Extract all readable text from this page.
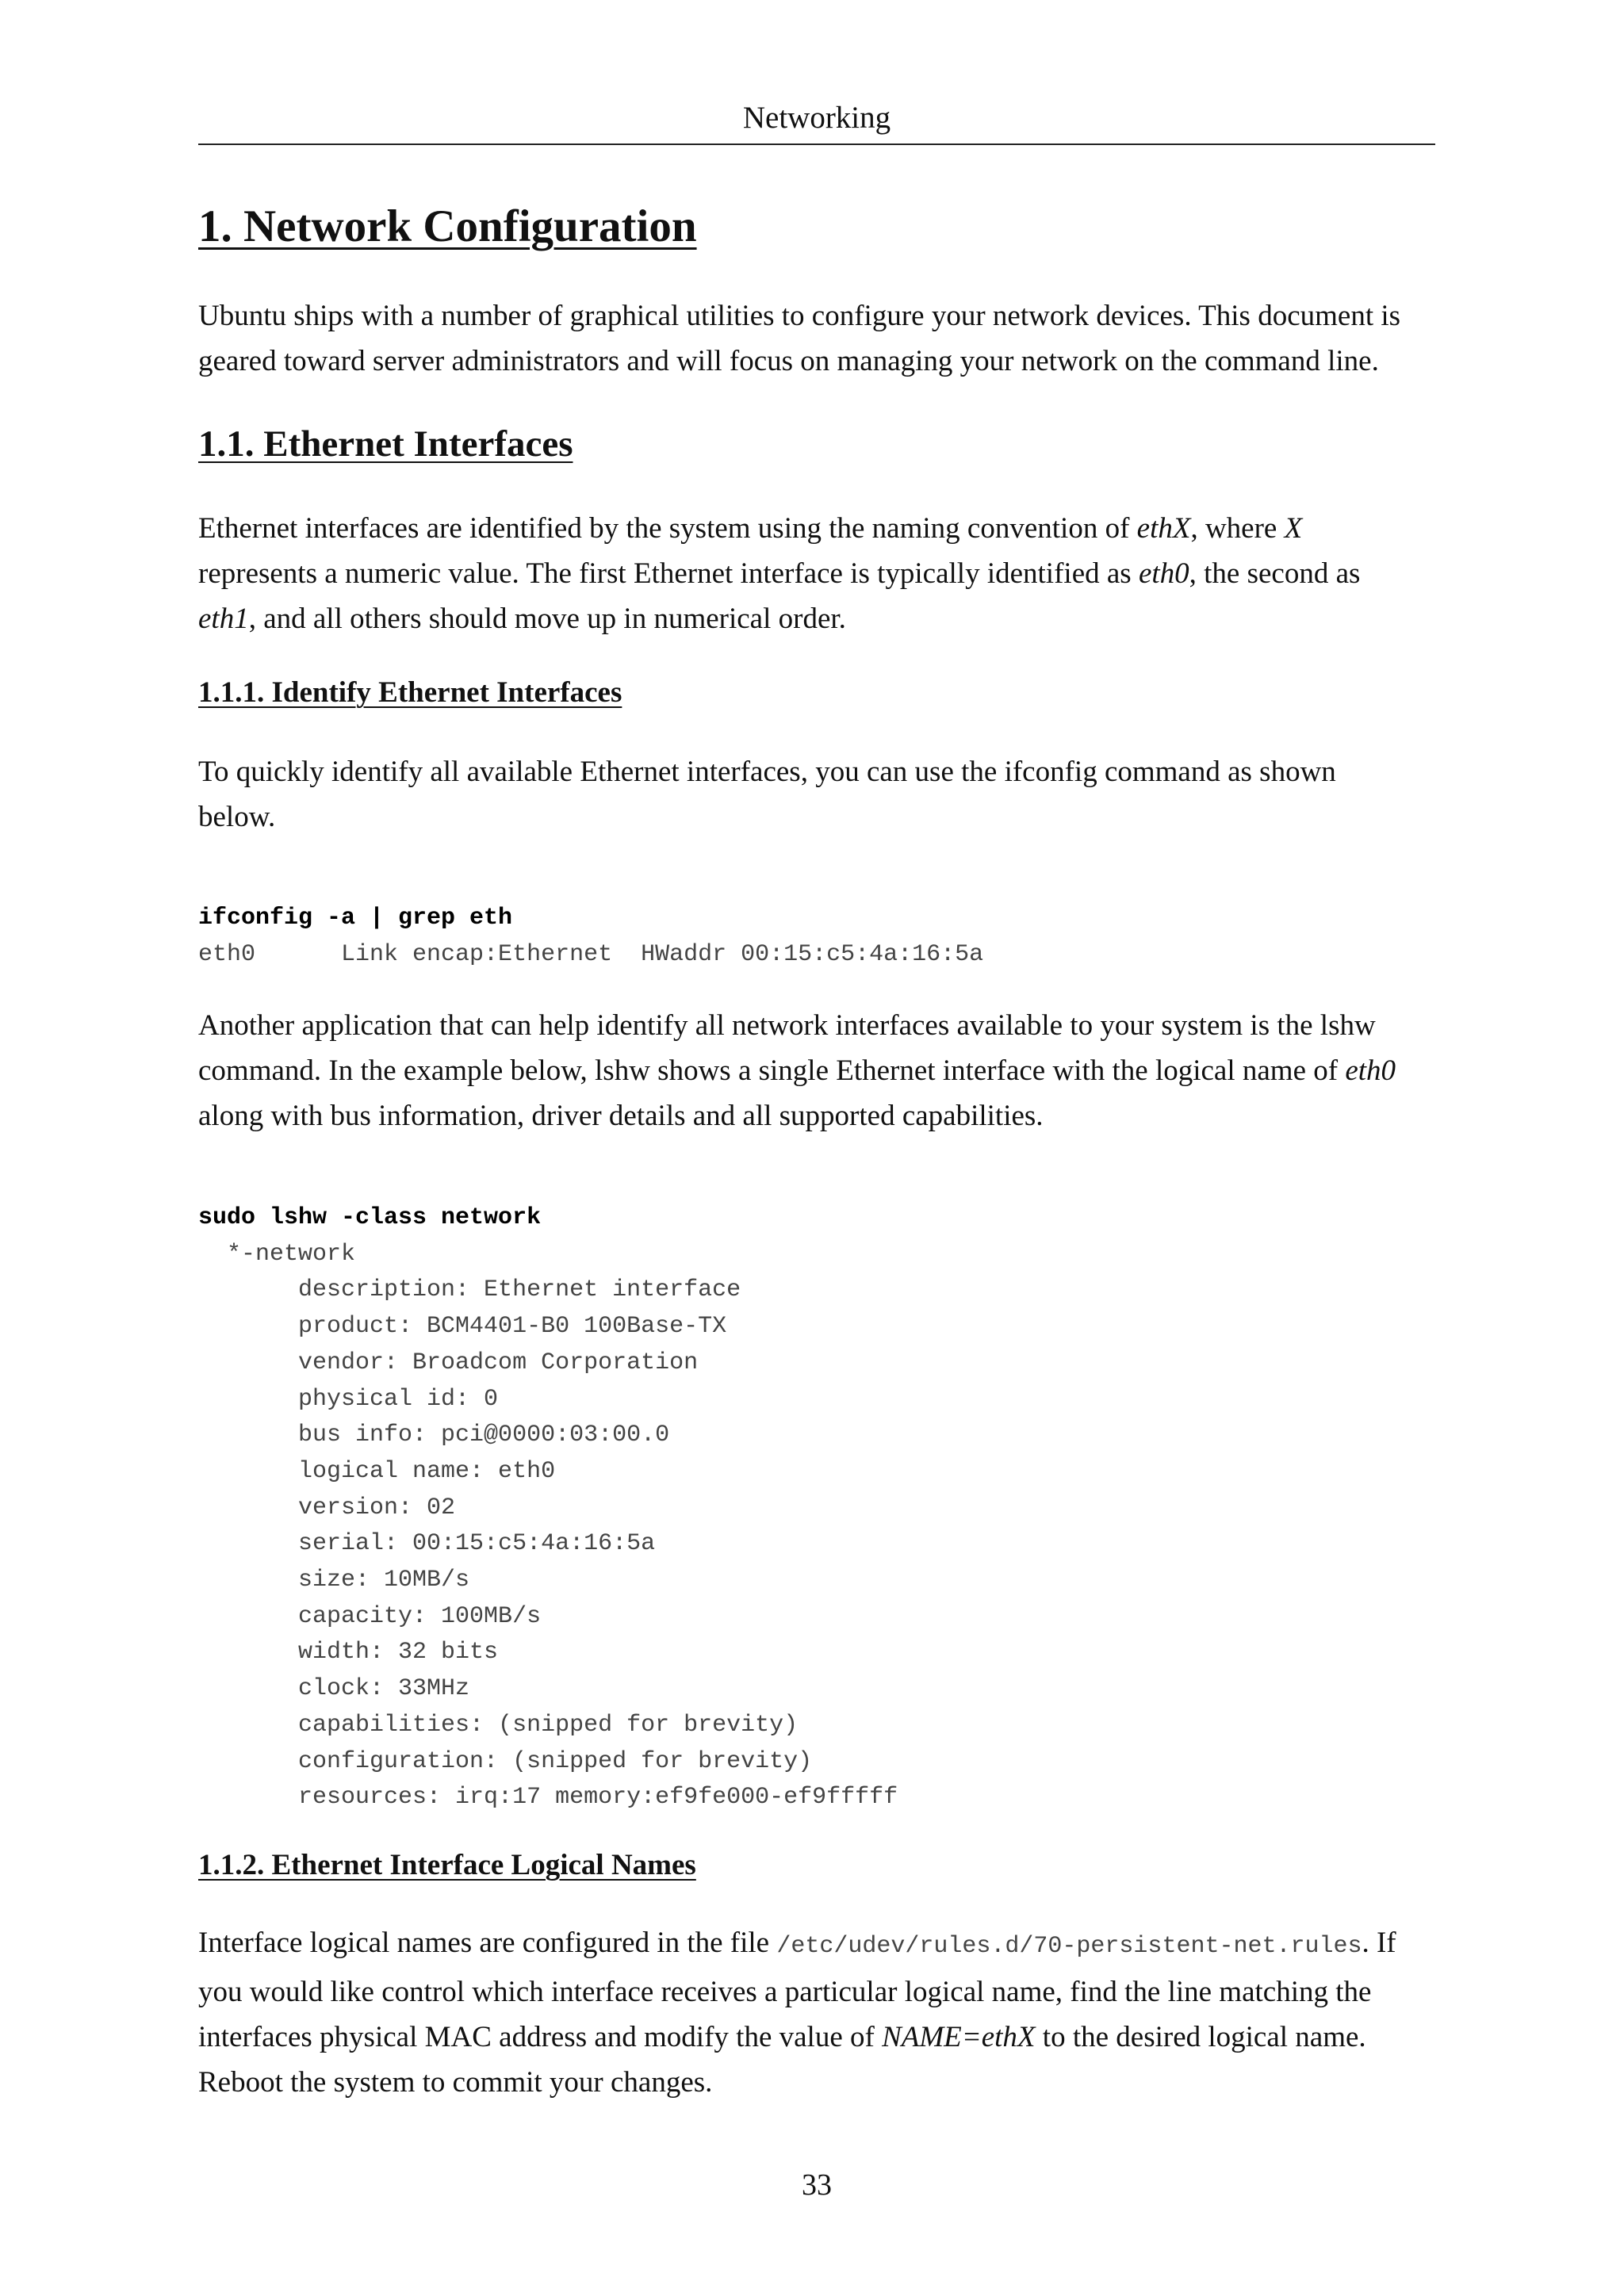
Networking
1. Network Configuration
Ubuntu ships with a number of graphical utilities to configure your network devices. This document is
geared toward server administrators and will focus on managing your network on the command line.
1.1. Ethernet Interfaces
Ethernet interfaces are identified by the system using the naming convention of ethX, where X
represents a numeric value. The first Ethernet interface is typically identified as eth0, the second as
eth1, and all others should move up in numerical order.
1.1.1. Identify Ethernet Interfaces
To quickly identify all available Ethernet interfaces, you can use the ifconfig command as shown
below.
ifconfig -a | grep eth
eth0      Link encap:Ethernet  HWaddr 00:15:c5:4a:16:5a
Another application that can help identify all network interfaces available to your system is the lshw
command. In the example below, lshw shows a single Ethernet interface with the logical name of eth0
along with bus information, driver details and all supported capabilities.
sudo lshw -class network
*-network
description: Ethernet interface
product: BCM4401-B0 100Base-TX
vendor: Broadcom Corporation
physical id: 0
bus info: pci@0000:03:00.0
logical name: eth0
version: 02
serial: 00:15:c5:4a:16:5a
size: 10MB/s
capacity: 100MB/s
width: 32 bits
clock: 33MHz
capabilities: (snipped for brevity)
configuration: (snipped for brevity)
resources: irq:17 memory:ef9fe000-ef9fffff
1.1.2. Ethernet Interface Logical Names
Interface logical names are configured in the file /etc/udev/rules.d/70-persistent-net.rules. If
you would like control which interface receives a particular logical name, find the line matching the
interfaces physical MAC address and modify the value of NAME=ethX to the desired logical name.
Reboot the system to commit your changes.
33
